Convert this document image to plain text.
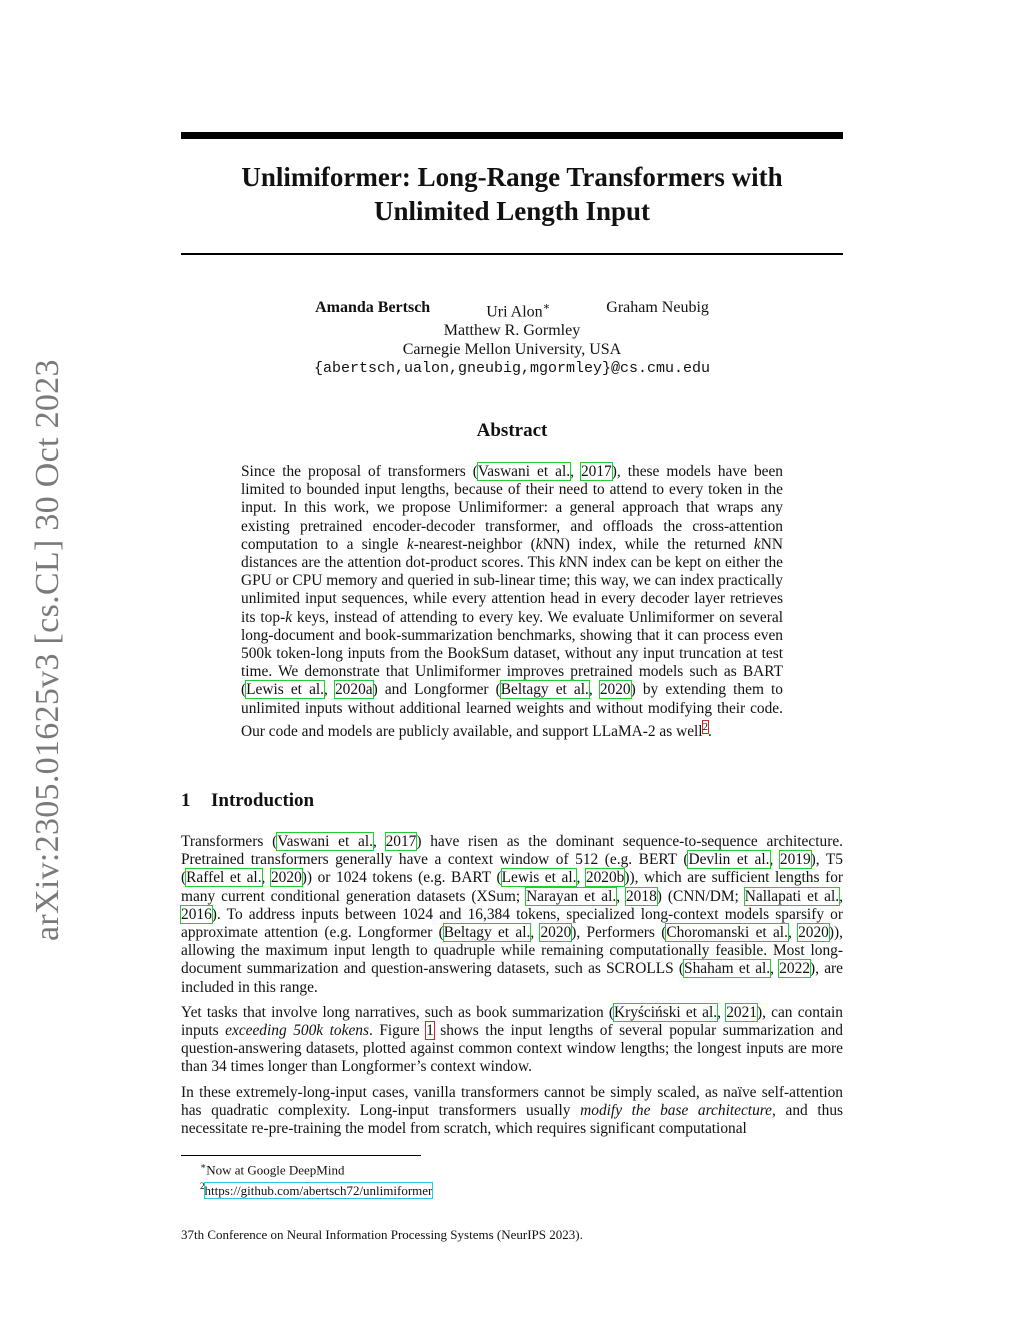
arXiv:2305.01625v3 [cs.CL] 30 Oct 2023
Unlimiformer: Long-Range Transformers with
Unlimited Length Input
Amanda Bertsch	Uri Alon∗	Graham Neubig
Matthew R. Gormley
Carnegie Mellon University, USA
{abertsch,ualon,gneubig,mgormley}@cs.cmu.edu
Abstract

Since the proposal of transformers (Vaswani et al., 2017), these models have been limited to bounded input lengths, because of their need to attend to every token in the input. In this work, we propose Unlimiformer: a general approach that wraps any existing pretrained encoder-decoder transformer, and offloads the cross-attention computation to a single k-nearest-neighbor (kNN) index, while the returned kNN distances are the attention dot-product scores. This kNN index can be kept on either the GPU or CPU memory and queried in sub-linear time; this way, we can index practically unlimited input sequences, while every attention head in every decoder layer retrieves its top-k keys, instead of attending to every key. We evaluate Unlimiformer on several long-document and book-summarization benchmarks, showing that it can process even 500k token-long inputs from the BookSum dataset, without any input truncation at test time. We demonstrate that Unlimiformer improves pretrained models such as BART (Lewis et al., 2020a) and Longformer (Beltagy et al., 2020) by extending them to unlimited inputs without additional learned weights and without modifying their code. Our code and models are publicly available, and support LLaMA-2 as well$^2$.

1 Introduction

Transformers (Vaswani et al., 2017) have risen as the dominant sequence-to-sequence architecture. Pretrained transformers generally have a context window of 512 (e.g. BERT (Devlin et al., 2019), T5 (Raffel et al., 2020)) or 1024 tokens (e.g. BART (Lewis et al., 2020b)), which are sufficient lengths for many current conditional generation datasets (XSum; Narayan et al., 2018) (CNN/DM; Nallapati et al., 2016). To address inputs between 1024 and 16,384 tokens, specialized long-context models sparsify or approximate attention (e.g. Longformer (Beltagy et al., 2020), Performers (Choromanski et al., 2020)), allowing the maximum input length to quadruple while remaining computationally feasible. Most long-document summarization and question-answering datasets, such as SCROLLS (Shaham et al., 2022), are included in this range.

Yet tasks that involve long narratives, such as book summarization (Kryściński et al., 2021), can contain inputs exceeding 500k tokens. Figure 1 shows the input lengths of several popular summarization and question-answering datasets, plotted against common context window lengths; the longest inputs are more than 34 times longer than Longformer’s context window.

In these extremely-long-input cases, vanilla transformers cannot be simply scaled, as naïve self-attention has quadratic complexity. Long-input transformers usually modify the base architecture, and thus necessitate re-pre-training the model from scratch, which requires significant computational

∗Now at Google DeepMind
$^2$https://github.com/abertsch72/unlimiformer
37th Conference on Neural Information Processing Systems (NeurIPS 2023).
